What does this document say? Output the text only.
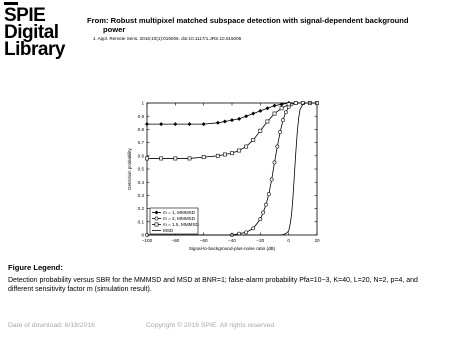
SPIE
Digital
Library
From: Robust multipixel matched subspace detection with signal-dependent background
power
J. Appl. Remote Sens. 2016;10(1):015006. doi:10.1117/1.JRS.10.015006
−100	−80	−60	−40	−20	0	20
0
0.1
0.2
0.3
0.4
0.5
0.6
0.7
0.8
0.9
1
Signal-to-background-plus-noise ratio (dB)
Detection probability
m = 1, MMMSD
m = 2, MMMSD
m = 1.5, MMMSD
MSD
Figure Legend:
Detection probability versus SBR for the MMMSD and MSD at BNR=1; false-alarm probability Pfa=10−3, K=40, L=20, N=2, p=4, and different sensitivity factor m (simulation result).
Date of download: 6/18/2016	Copyright © 2016 SPIE. All rights reserved.
